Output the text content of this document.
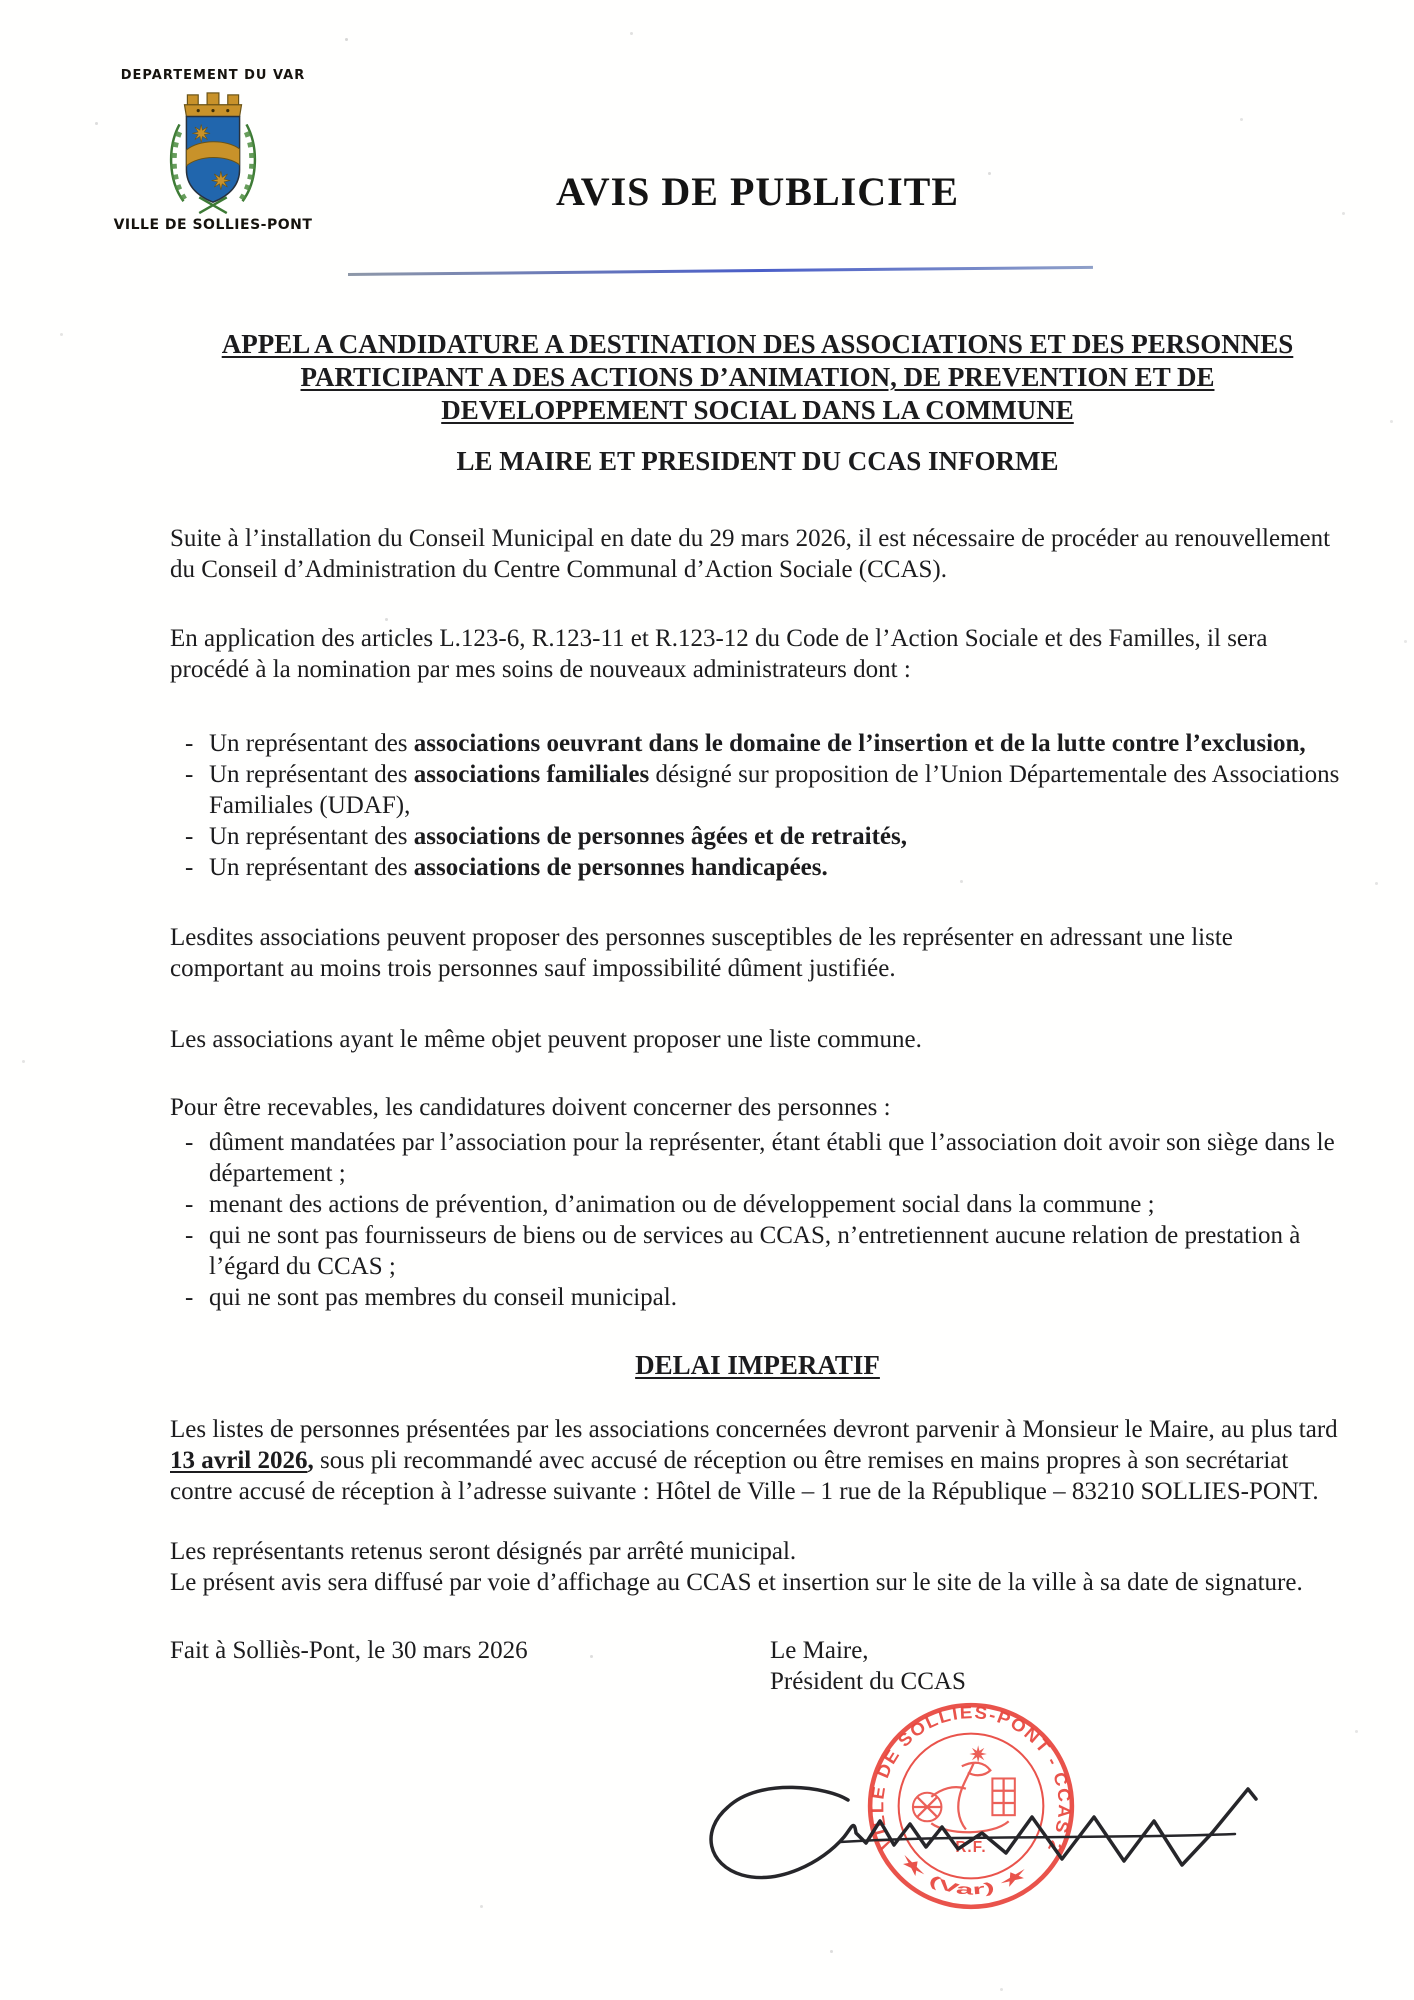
DEPARTEMENT DU VAR
VILLE DE SOLLIES-PONT
AVIS DE PUBLICITE
APPEL A CANDIDATURE A DESTINATION DES ASSOCIATIONS ET DES PERSONNES
PARTICIPANT A DES ACTIONS D’ANIMATION, DE PREVENTION ET DE
DEVELOPPEMENT SOCIAL DANS LA COMMUNE
LE MAIRE ET PRESIDENT DU CCAS INFORME
Suite à l’installation du Conseil Municipal en date du 29 mars 2026, il est nécessaire de procéder au renouvellement du Conseil d’Administration du Centre Communal d’Action Sociale (CCAS).
En application des articles L.123-6, R.123-11 et R.123-12 du Code de l’Action Sociale et des Familles, il sera procédé à la nomination par mes soins de nouveaux administrateurs dont :
- Un représentant des associations oeuvrant dans le domaine de l’insertion et de la lutte contre l’exclusion,
- Un représentant des associations familiales désigné sur proposition de l’Union Départementale des Associations Familiales (UDAF),
- Un représentant des associations de personnes âgées et de retraités,
- Un représentant des associations de personnes handicapées.
Lesdites associations peuvent proposer des personnes susceptibles de les représenter en adressant une liste comportant au moins trois personnes sauf impossibilité dûment justifiée.
Les associations ayant le même objet peuvent proposer une liste commune.
Pour être recevables, les candidatures doivent concerner des personnes :
- dûment mandatées par l’association pour la représenter, étant établi que l’association doit avoir son siège dans le département ;
- menant des actions de prévention, d’animation ou de développement social dans la commune ;
- qui ne sont pas fournisseurs de biens ou de services au CCAS, n’entretiennent aucune relation de prestation à l’égard du CCAS ;
- qui ne sont pas membres du conseil municipal.
DELAI IMPERATIF
Les listes de personnes présentées par les associations concernées devront parvenir à Monsieur le Maire, au plus tard 13 avril 2026, sous pli recommandé avec accusé de réception ou être remises en mains propres à son secrétariat contre accusé de réception à l’adresse suivante : Hôtel de Ville – 1 rue de la République – 83210 SOLLIES-PONT.
Les représentants retenus seront désignés par arrêté municipal.
Le présent avis sera diffusé par voie d’affichage au CCAS et insertion sur le site de la ville à sa date de signature.
Fait à Solliès-Pont, le 30 mars 2026	Le Maire,
Président du CCAS
VILLE DE SOLLIES-PONT - CCAS 2
★ (Var) ★
R.F.
